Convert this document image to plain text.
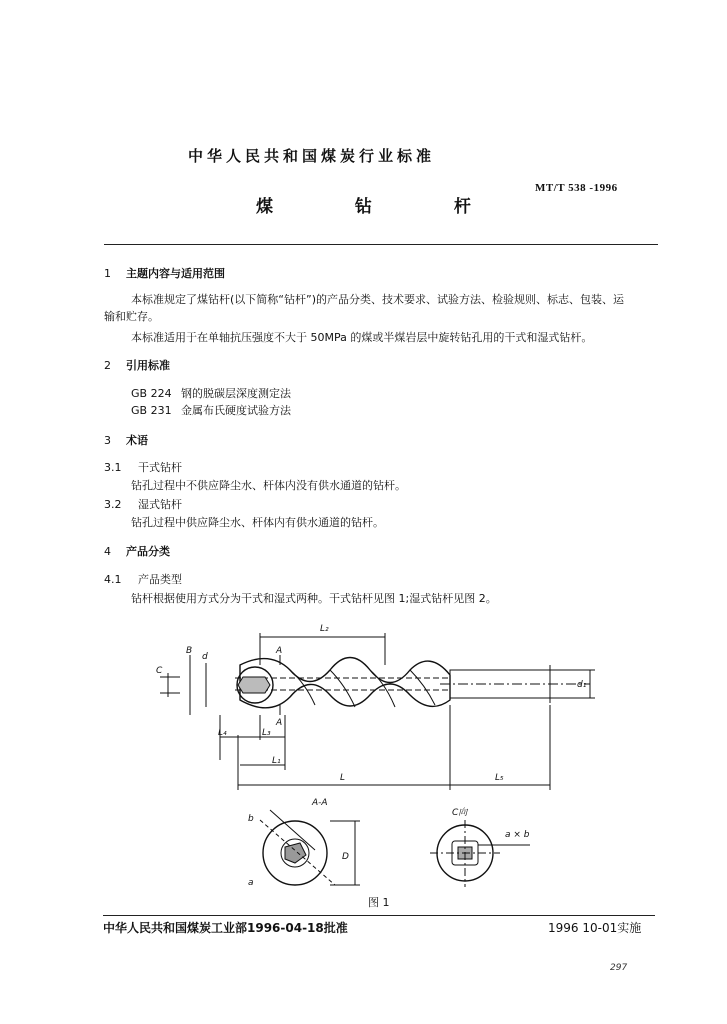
中华人民共和国煤炭行业标准
MT/T 538 -1996
煤 钻 杆
1 主题内容与适用范围
本标准规定了煤钻杆(以下简称“钻杆”)的产品分类、技术要求、试验方法、检验规则、标志、包装、运
输和贮存。
本标准适用于在单轴抗压强度不大于 50MPa 的煤或半煤岩层中旋转钻孔用的干式和湿式钻杆。
2 引用标准
GB 224 钢的脱碳层深度测定法
GB 231 金属布氏硬度试验方法
3 术语
3.1 干式钻杆
钻孔过程中不供应降尘水、杆体内没有供水通道的钻杆。
3.2 湿式钻杆
钻孔过程中供应降尘水、杆体内有供水通道的钻杆。
4 产品分类
4.1 产品类型
钻杆根据使用方式分为干式和湿式两种。干式钻杆见图 1;湿式钻杆见图 2。
L₂
L₄	L₃
L₁
L	L₅
C
A
A
B
d
d₁
A-A
C向
b
D
a
a × b
图 1
中华人民共和国煤炭工业部1996-04-18批准	1996 10-01实施
297
